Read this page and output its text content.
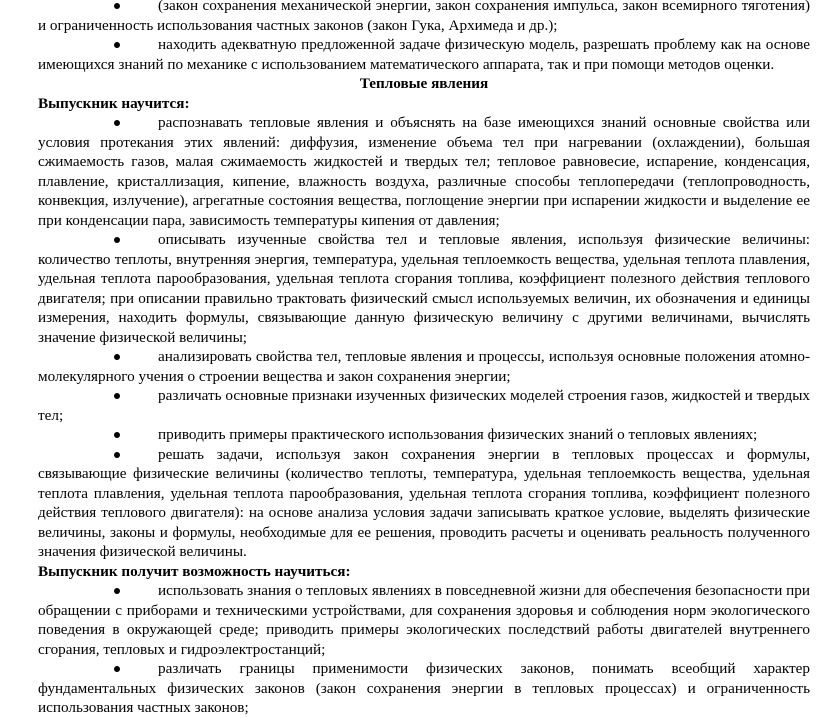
(закон сохранения механической энергии, закон сохранения импульса, закон всемирного тяготения) и ограниченность использования частных законов (закон Гука, Архимеда и др.);

находить адекватную предложенной задаче физическую модель, разрешать проблему как на основе имеющихся знаний по механике с использованием математического аппарата, так и при помощи методов оценки.

Тепловые явления

Выпускник научится:

распознавать тепловые явления и объяснять на базе имеющихся знаний основные свойства или условия протекания этих явлений: диффузия, изменение объема тел при нагревании (охлаждении), большая сжимаемость газов, малая сжимаемость жидкостей и твердых тел; тепловое равновесие, испарение, конденсация, плавление, кристаллизация, кипение, влажность воздуха, различные способы теплопередачи (теплопроводность, конвекция, излучение), агрегатные состояния вещества, поглощение энергии при испарении жидкости и выделение ее при конденсации пара, зависимость температуры кипения от давления;

описывать изученные свойства тел и тепловые явления, используя физические величины: количество теплоты, внутренняя энергия, температура, удельная теплоемкость вещества, удельная теплота плавления, удельная теплота парообразования, удельная теплота сгорания топлива, коэффициент полезного действия теплового двигателя; при описании правильно трактовать физический смысл используемых величин, их обозначения и единицы измерения, находить формулы, связывающие данную физическую величину с другими величинами, вычислять значение физической величины;

анализировать свойства тел, тепловые явления и процессы, используя основные положения атомно-молекулярного учения о строении вещества и закон сохранения энергии;

различать основные признаки изученных физических моделей строения газов, жидкостей и твердых тел;

приводить примеры практического использования физических знаний о тепловых явлениях;

решать задачи, используя закон сохранения энергии в тепловых процессах и формулы, связывающие физические величины (количество теплоты, температура, удельная теплоемкость вещества, удельная теплота плавления, удельная теплота парообразования, удельная теплота сгорания топлива, коэффициент полезного действия теплового двигателя): на основе анализа условия задачи записывать краткое условие, выделять физические величины, законы и формулы, необходимые для ее решения, проводить расчеты и оценивать реальность полученного значения физической величины.

Выпускник получит возможность научиться:

использовать знания о тепловых явлениях в повседневной жизни для обеспечения безопасности при обращении с приборами и техническими устройствами, для сохранения здоровья и соблюдения норм экологического поведения в окружающей среде; приводить примеры экологических последствий работы двигателей внутреннего сгорания, тепловых и гидроэлектростанций;

различать границы применимости физических законов, понимать всеобщий характер фундаментальных физических законов (закон сохранения энергии в тепловых процессах) и ограниченность использования частных законов;
